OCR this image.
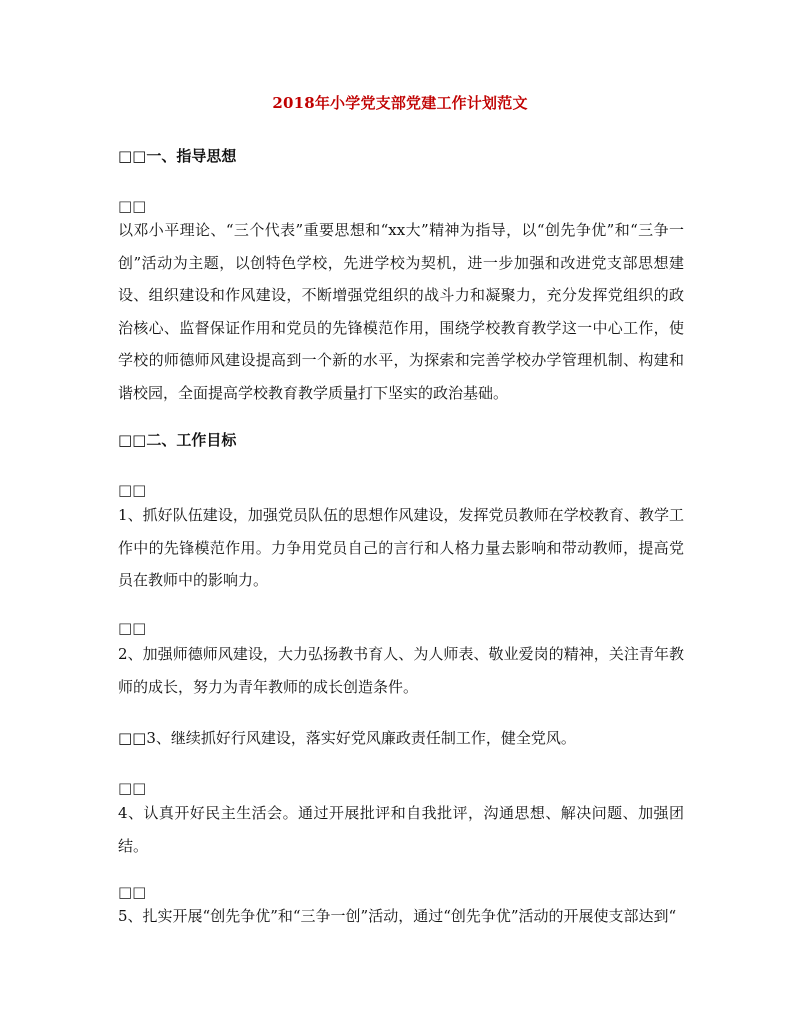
2018年小学党支部党建工作计划范文
□□一、指导思想
□□
以邓小平理论、“三个代表”重要思想和“xx大”精神为指导，以“创先争优”和“三争一创”活动为主题，以创特色学校，先进学校为契机，进一步加强和改进党支部思想建设、组织建设和作风建设，不断增强党组织的战斗力和凝聚力，充分发挥党组织的政治核心、监督保证作用和党员的先锋模范作用，围绕学校教育教学这一中心工作，使学校的师德师风建设提高到一个新的水平，为探索和完善学校办学管理机制、构建和谐校园，全面提高学校教育教学质量打下坚实的政治基础。
□□二、工作目标
□□
1、抓好队伍建设，加强党员队伍的思想作风建设，发挥党员教师在学校教育、教学工作中的先锋模范作用。力争用党员自己的言行和人格力量去影响和带动教师，提高党员在教师中的影响力。
□□
2、加强师德师风建设，大力弘扬教书育人、为人师表、敬业爱岗的精神，关注青年教师的成长，努力为青年教师的成长创造条件。
□□3、继续抓好行风建设，落实好党风廉政责任制工作，健全党风。
□□
4、认真开好民主生活会。通过开展批评和自我批评，沟通思想、解决问题、加强团结。
□□
5、扎实开展“创先争优”和“三争一创”活动，通过“创先争优”活动的开展使支部达到“
